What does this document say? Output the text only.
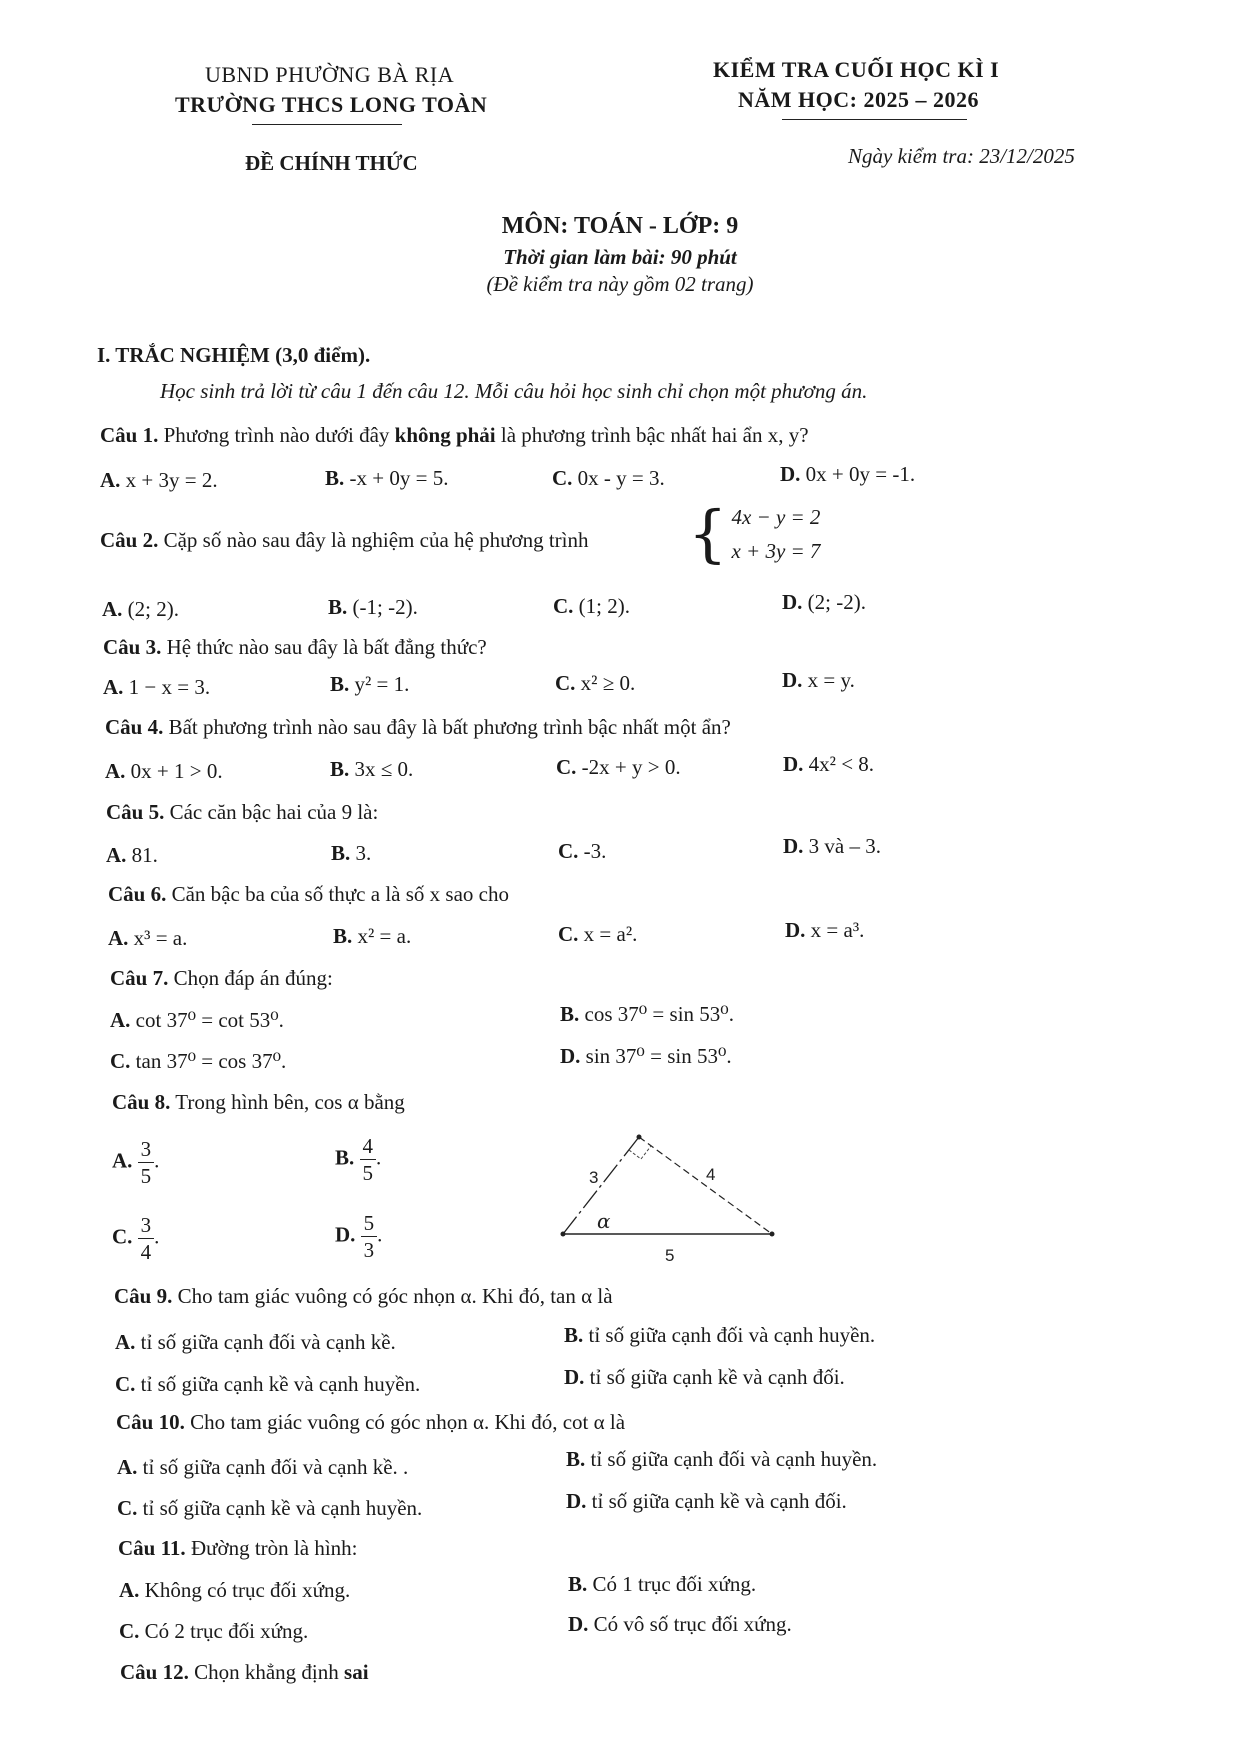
UBND PHƯỜNG BÀ RỊA
TRƯỜNG THCS LONG TOÀN
KIỂM TRA CUỐI HỌC KÌ I
NĂM HỌC: 2025 – 2026
ĐỀ CHÍNH THỨC	Ngày kiểm tra: 23/12/2025
MÔN: TOÁN - LỚP: 9
Thời gian làm bài: 90 phút
(Đề kiểm tra này gồm 02 trang)
I. TRẮC NGHIỆM (3,0 điểm).
Học sinh trả lời từ câu 1 đến câu 12. Mỗi câu hỏi học sinh chỉ chọn một phương án.
Câu 1. Phương trình nào dưới đây không phải là phương trình bậc nhất hai ẩn x, y?
A. x + 3y = 2.	B. -x + 0y = 5.	C. 0x - y = 3.	D. 0x + 0y = -1.
Câu 2. Cặp số nào sau đây là nghiệm của hệ phương trình { 4x − y = 2
x + 3y = 7
A. (2; 2).	B. (-1; -2).	C. (1; 2).	D. (2; -2).
Câu 3. Hệ thức nào sau đây là bất đẳng thức?
A. 1 − x = 3.	B. y² = 1.	C. x² ≥ 0.	D. x = y.
Câu 4. Bất phương trình nào sau đây là bất phương trình bậc nhất một ẩn?
A. 0x + 1 > 0.	B. 3x ≤ 0.	C. -2x + y > 0.	D. 4x² < 8.
Câu 5. Các căn bậc hai của 9 là:
A. 81.	B. 3.	C. -3.	D. 3 và – 3.
Câu 6. Căn bậc ba của số thực a là số x sao cho
A. x³ = a.	B. x² = a.	C. x = a².	D. x = a³.
Câu 7. Chọn đáp án đúng:
A. cot 37⁰ = cot 53⁰.	B. cos 37⁰ = sin 53⁰.
C. tan 37⁰ = cos 37⁰.	D. sin 37⁰ = sin 53⁰.
Câu 8. Trong hình bên, cos α bằng
A. $\frac{3}{5}$ .	B. $\frac{4}{5}$ .
C. $\frac{3}{4}$ .	D. $\frac{5}{3}$ .
3	4
5
α
Câu 9. Cho tam giác vuông có góc nhọn α. Khi đó, tan α là
A. tỉ số giữa cạnh đối và cạnh kề.	B. tỉ số giữa cạnh đối và cạnh huyền.
C. tỉ số giữa cạnh kề và cạnh huyền.	D. tỉ số giữa cạnh kề và cạnh đối.
Câu 10. Cho tam giác vuông có góc nhọn α. Khi đó, cot α là
A. tỉ số giữa cạnh đối và cạnh kề. .	B. tỉ số giữa cạnh đối và cạnh huyền.
C. tỉ số giữa cạnh kề và cạnh huyền.	D. tỉ số giữa cạnh kề và cạnh đối.
Câu 11. Đường tròn là hình:
A. Không có trục đối xứng.	B. Có 1 trục đối xứng.
C. Có 2 trục đối xứng.	D. Có vô số trục đối xứng.
Câu 12. Chọn khẳng định sai
